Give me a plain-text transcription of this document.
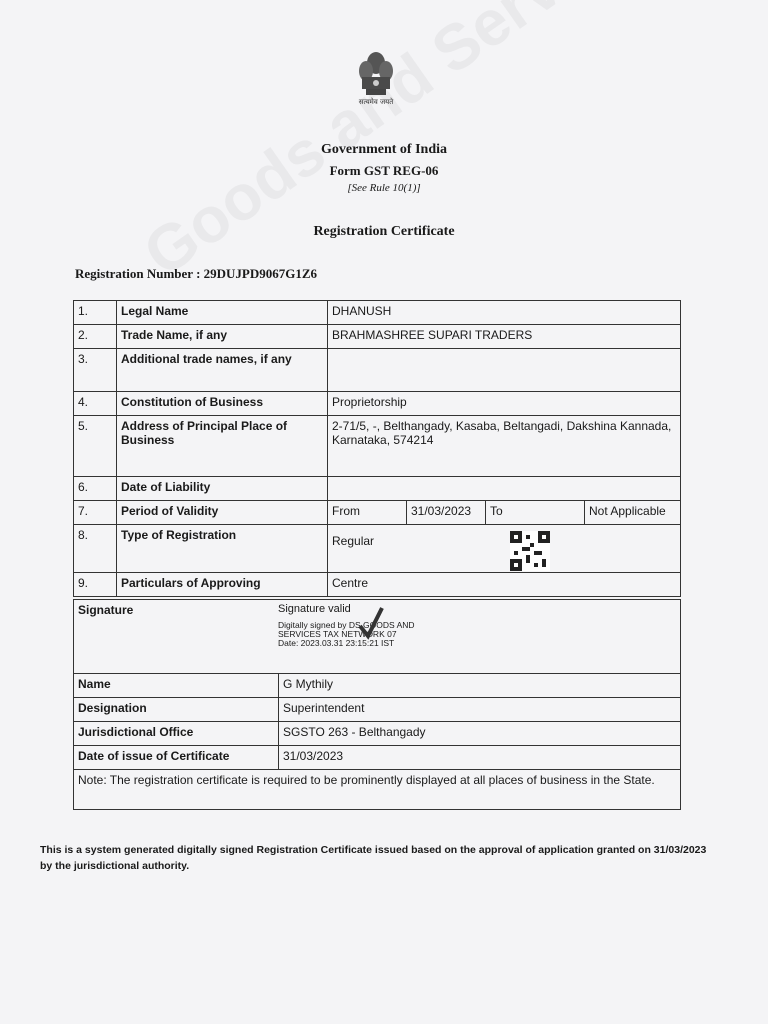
सत्यमेव जयते
Government of India
Form GST REG-06
[See Rule 10(1)]
Registration Certificate
Registration Number : 29DUJPD9067G1Z6
1.	Legal Name	DHANUSH			
2.	Trade Name, if any	BRAHMASHREE SUPARI TRADERS			
3.	Additional trade names, if any				
4.	Constitution of Business	Proprietorship			
5.	Address of Principal Place of Business	2-71/5, -, Belthangady, Kasaba, Beltangadi, Dakshina Kannada, Karnataka, 574214			
6.	Date of Liability				
7.	Period of Validity	From	31/03/2023	To	Not Applicable
8.	Type of Registration	Regular			

9.	Particulars of Approving	Centre			
Signature Signature valid
Digitally signed by DS GOODS AND
SERVICES TAX NETWORK 07
Date: 2023.03.31 23:15:21 IST	

Name	G Mythily
Designation	Superintendent
Jurisdictional Office	SGSTO 263 - Belthangady
Date of issue of Certificate	31/03/2023
Note: The registration certificate is required to be prominently displayed at all places of business in the State.	
This is a system generated digitally signed Registration Certificate issued based on the approval of application granted on 31/03/2023 by the jurisdictional authority.
